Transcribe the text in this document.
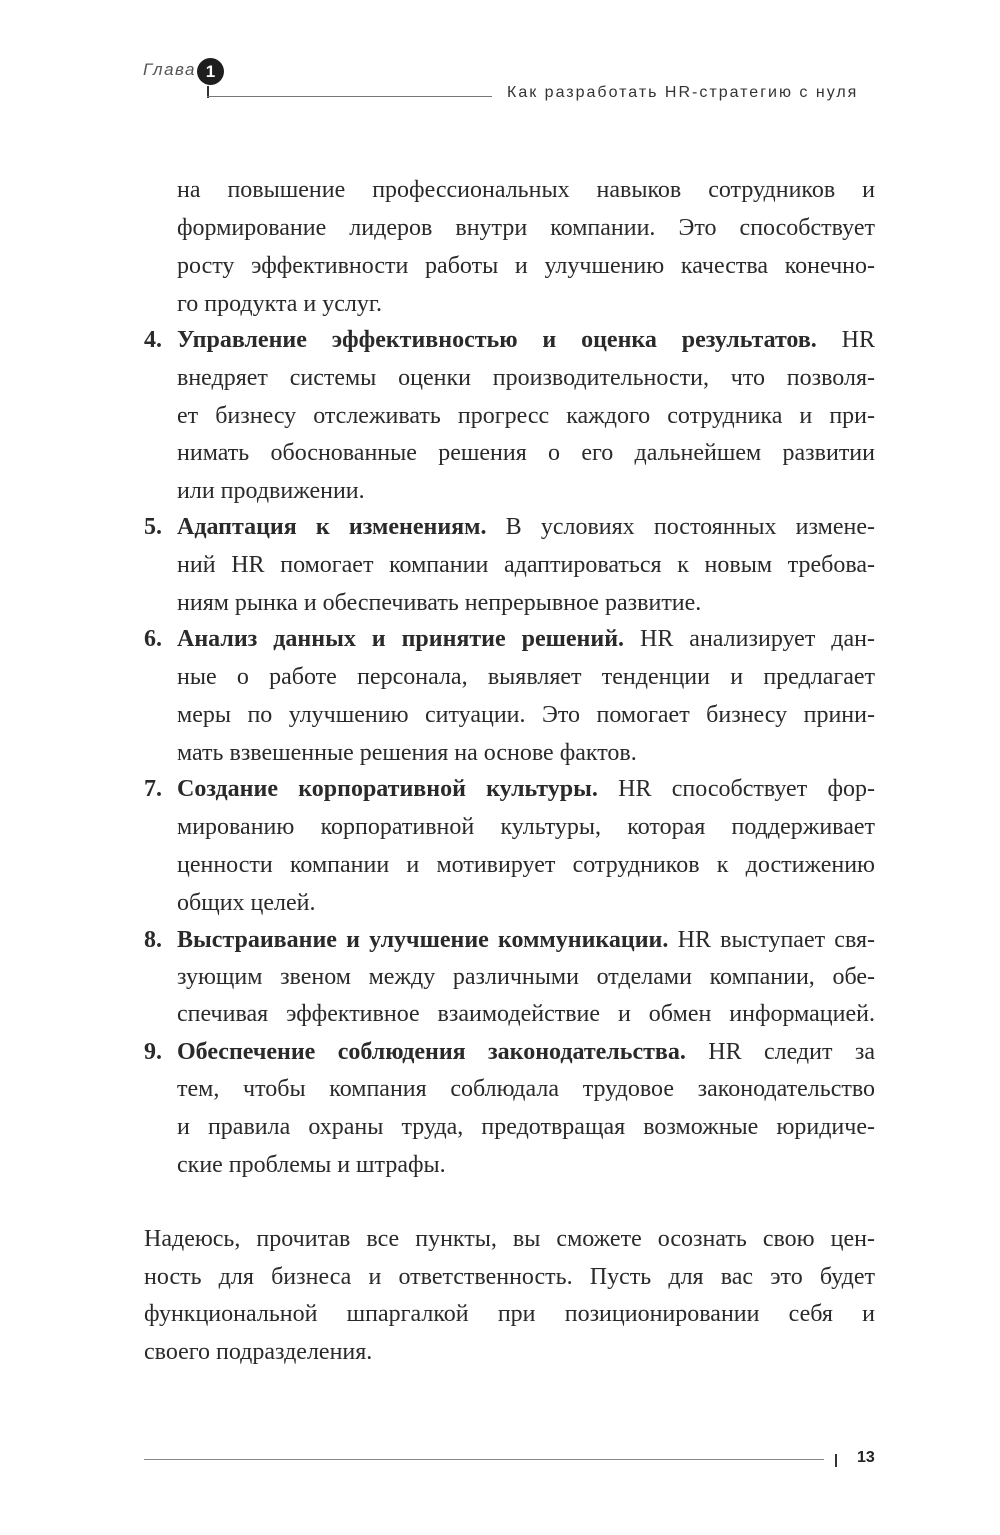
Глава 1
Как разработать HR-стратегию с нуля
на повышение профессиональных навыков сотрудников и
формирование лидеров внутри компании. Это способствует
росту эффективности работы и улучшению качества конечно-
го продукта и услуг.
4. Управление эффективностью и оценка результатов. HR
внедряет системы оценки производительности, что позволя-
ет бизнесу отслеживать прогресс каждого сотрудника и при-
нимать обоснованные решения о его дальнейшем развитии
или продвижении.
5. Адаптация к изменениям. В условиях постоянных измене-
ний HR помогает компании адаптироваться к новым требова-
ниям рынка и обеспечивать непрерывное развитие.
6. Анализ данных и принятие решений. HR анализирует дан-
ные о работе персонала, выявляет тенденции и предлагает
меры по улучшению ситуации. Это помогает бизнесу прини-
мать взвешенные решения на основе фактов.
7. Создание корпоративной культуры. HR способствует фор-
мированию корпоративной культуры, которая поддерживает
ценности компании и мотивирует сотрудников к достижению
общих целей.
8. Выстраивание и улучшение коммуникации. HR выступает свя-
зующим звеном между различными отделами компании, обе-
спечивая эффективное взаимодействие и обмен информацией.
9. Обеспечение соблюдения законодательства. HR следит за
тем, чтобы компания соблюдала трудовое законодательство
и правила охраны труда, предотвращая возможные юридиче-
ские проблемы и штрафы.
Надеюсь, прочитав все пункты, вы сможете осознать свою цен-
ность для бизнеса и ответственность. Пусть для вас это будет
функциональной шпаргалкой при позиционировании себя и
своего подразделения.
13
